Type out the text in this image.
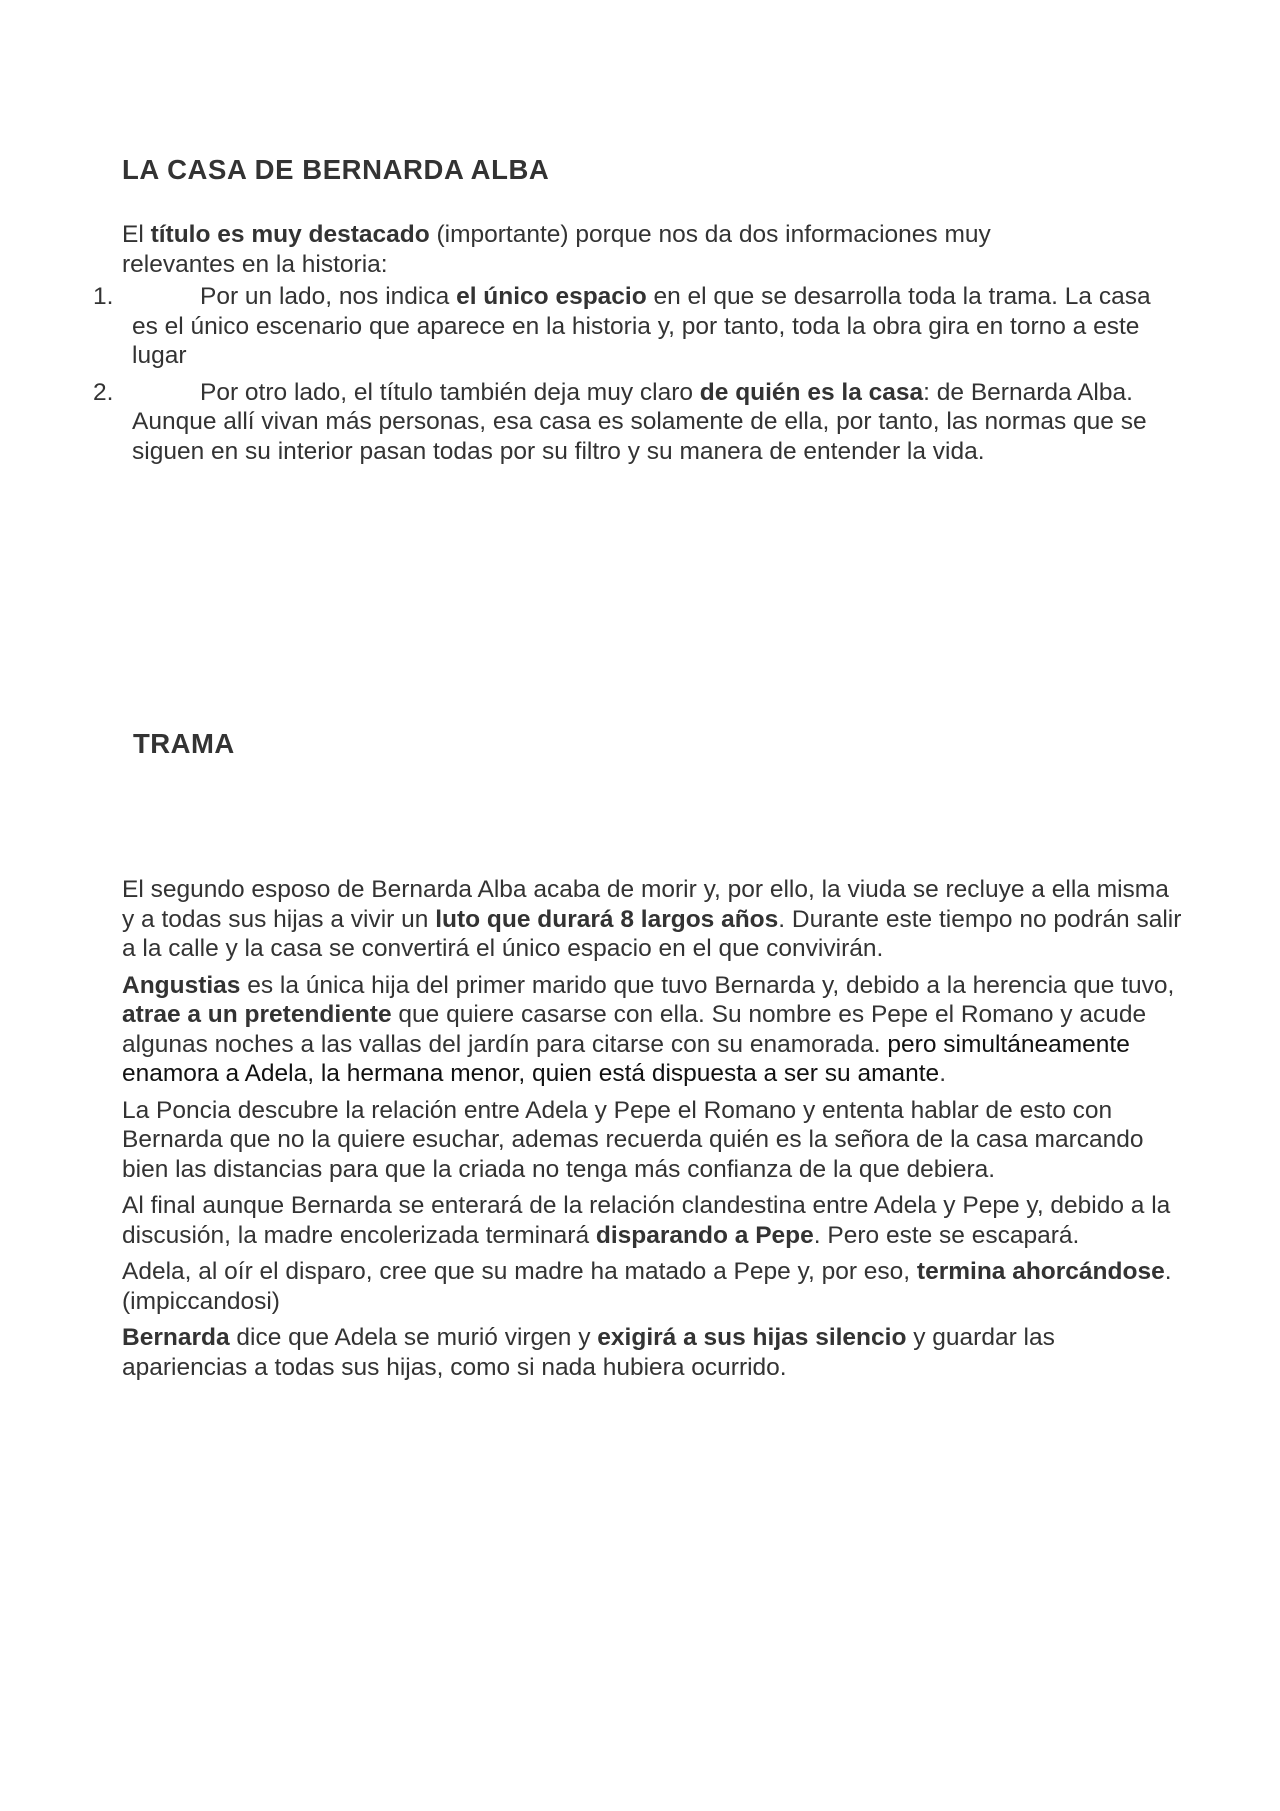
LA CASA DE BERNARDA ALBA

El título es muy destacado (importante) porque nos da dos informaciones muy relevantes en la historia:

1.	Por un lado, nos indica el único espacio en el que se desarrolla toda la trama. La casa es el único escenario que aparece en la historia y, por tanto, toda la obra gira en torno a este lugar
2.	Por otro lado, el título también deja muy claro de quién es la casa: de Bernarda Alba. Aunque allí vivan más personas, esa casa es solamente de ella, por tanto, las normas que se siguen en su interior pasan todas por su filtro y su manera de entender la vida.
TRAMA

El segundo esposo de Bernarda Alba acaba de morir y, por ello, la viuda se recluye a ella misma y a todas sus hijas a vivir un luto que durará 8 largos años. Durante este tiempo no podrán salir a la calle y la casa se convertirá el único espacio en el que convivirán.

Angustias es la única hija del primer marido que tuvo Bernarda y, debido a la herencia que tuvo, atrae a un pretendiente que quiere casarse con ella. Su nombre es Pepe el Romano y acude algunas noches a las vallas del jardín para citarse con su enamorada. pero simultáneamente enamora a Adela, la hermana menor, quien está dispuesta a ser su amante.

La Poncia descubre la relación entre Adela y Pepe el Romano y ententa hablar de esto con Bernarda que no la quiere esuchar, ademas recuerda quién es la señora de la casa marcando bien las distancias para que la criada no tenga más confianza de la que debiera.

Al final aunque Bernarda se enterará de la relación clandestina entre Adela y Pepe y, debido a la discusión, la madre encolerizada terminará disparando a Pepe. Pero este se escapará.

Adela, al oír el disparo, cree que su madre ha matado a Pepe y, por eso, termina ahorcándose.(impiccandosi)

Bernarda dice que Adela se murió virgen y exigirá a sus hijas silencio y guardar las apariencias a todas sus hijas, como si nada hubiera ocurrido.
